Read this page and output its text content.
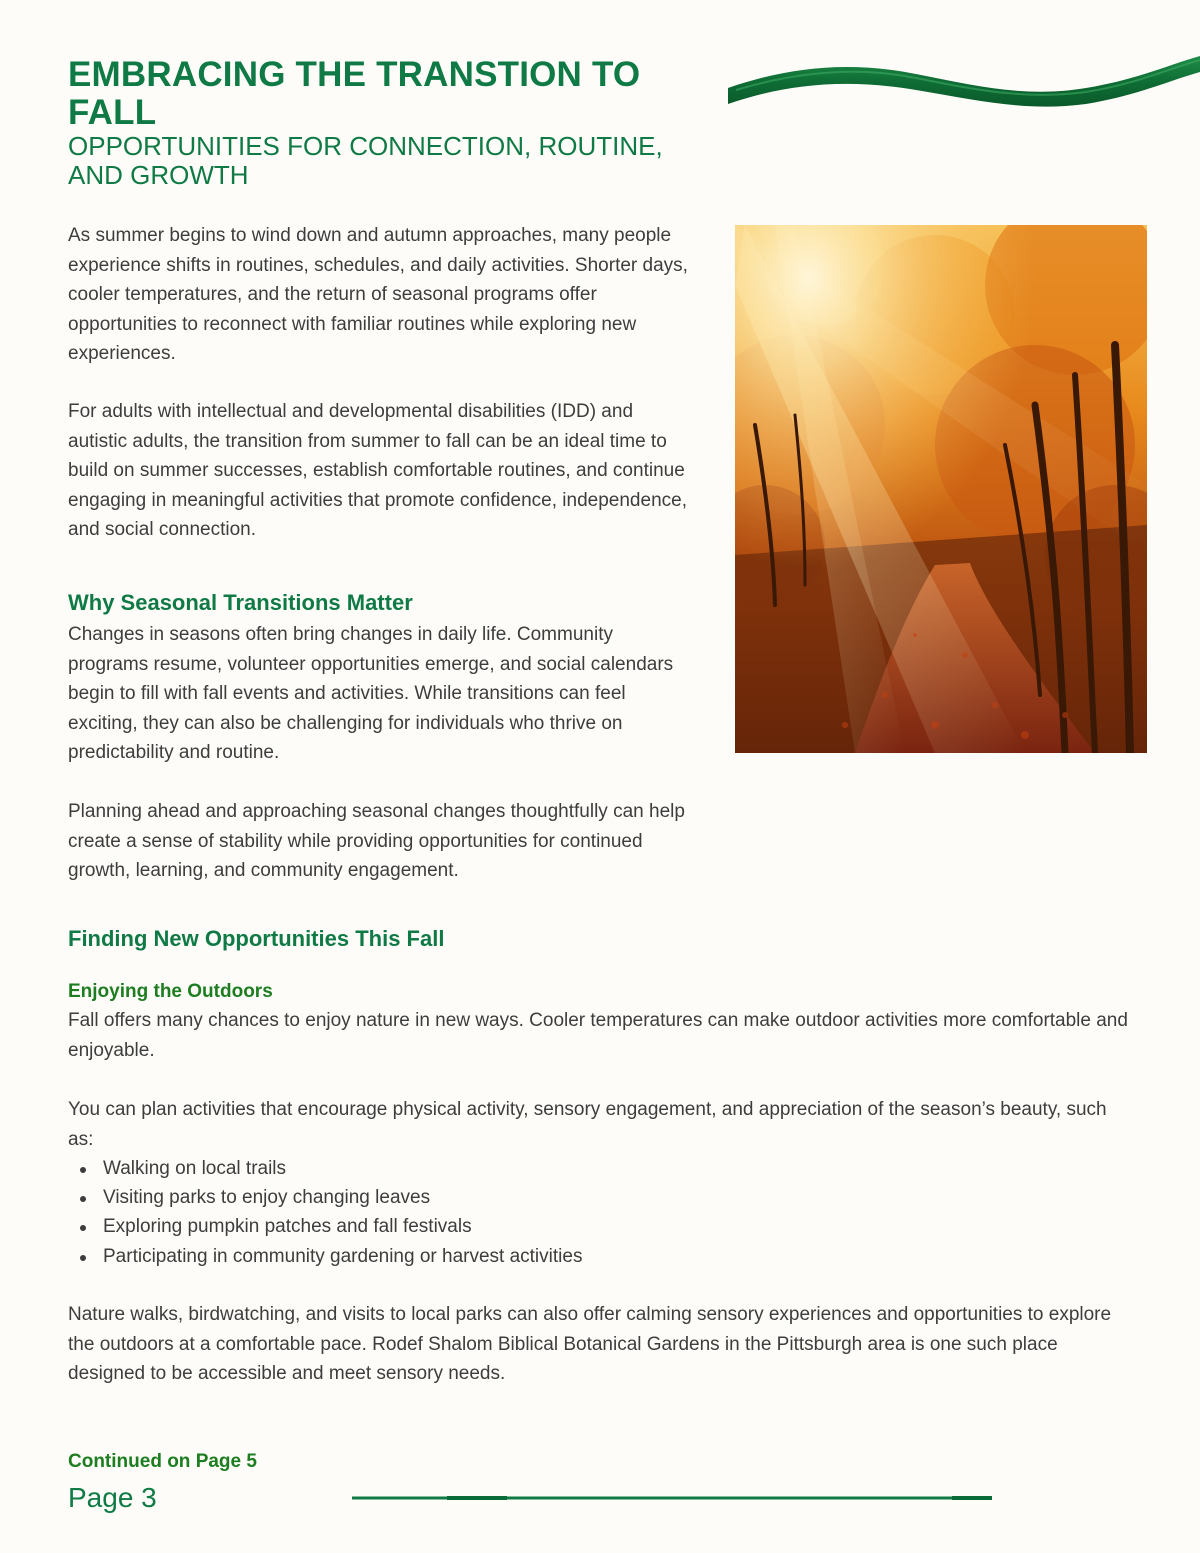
EMBRACING THE TRANSTION TO FALL
OPPORTUNITIES FOR CONNECTION, ROUTINE, AND GROWTH

As summer begins to wind down and autumn approaches, many people experience shifts in routines, schedules, and daily activities. Shorter days, cooler temperatures, and the return of seasonal programs offer opportunities to reconnect with familiar routines while exploring new experiences.

For adults with intellectual and developmental disabilities (IDD) and autistic adults, the transition from summer to fall can be an ideal time to build on summer successes, establish comfortable routines, and continue engaging in meaningful activities that promote confidence, independence, and social connection.

Why Seasonal Transitions Matter

Changes in seasons often bring changes in daily life. Community programs resume, volunteer opportunities emerge, and social calendars begin to fill with fall events and activities. While transitions can feel exciting, they can also be challenging for individuals who thrive on predictability and routine.

Planning ahead and approaching seasonal changes thoughtfully can help create a sense of stability while providing opportunities for continued growth, learning, and community engagement.

Finding New Opportunities This Fall
Enjoying the Outdoors

Fall offers many chances to enjoy nature in new ways. Cooler temperatures can make outdoor activities more comfortable and enjoyable.

You can plan activities that encourage physical activity, sensory engagement, and appreciation of the season’s beauty, such as:

Walking on local trails
Visiting parks to enjoy changing leaves
Exploring pumpkin patches and fall festivals
Participating in community gardening or harvest activities

Nature walks, birdwatching, and visits to local parks can also offer calming sensory experiences and opportunities to explore the outdoors at a comfortable pace. Rodef Shalom Biblical Botanical Gardens in the Pittsburgh area is one such place designed to be accessible and meet sensory needs.

Continued on Page 5

Page 3
